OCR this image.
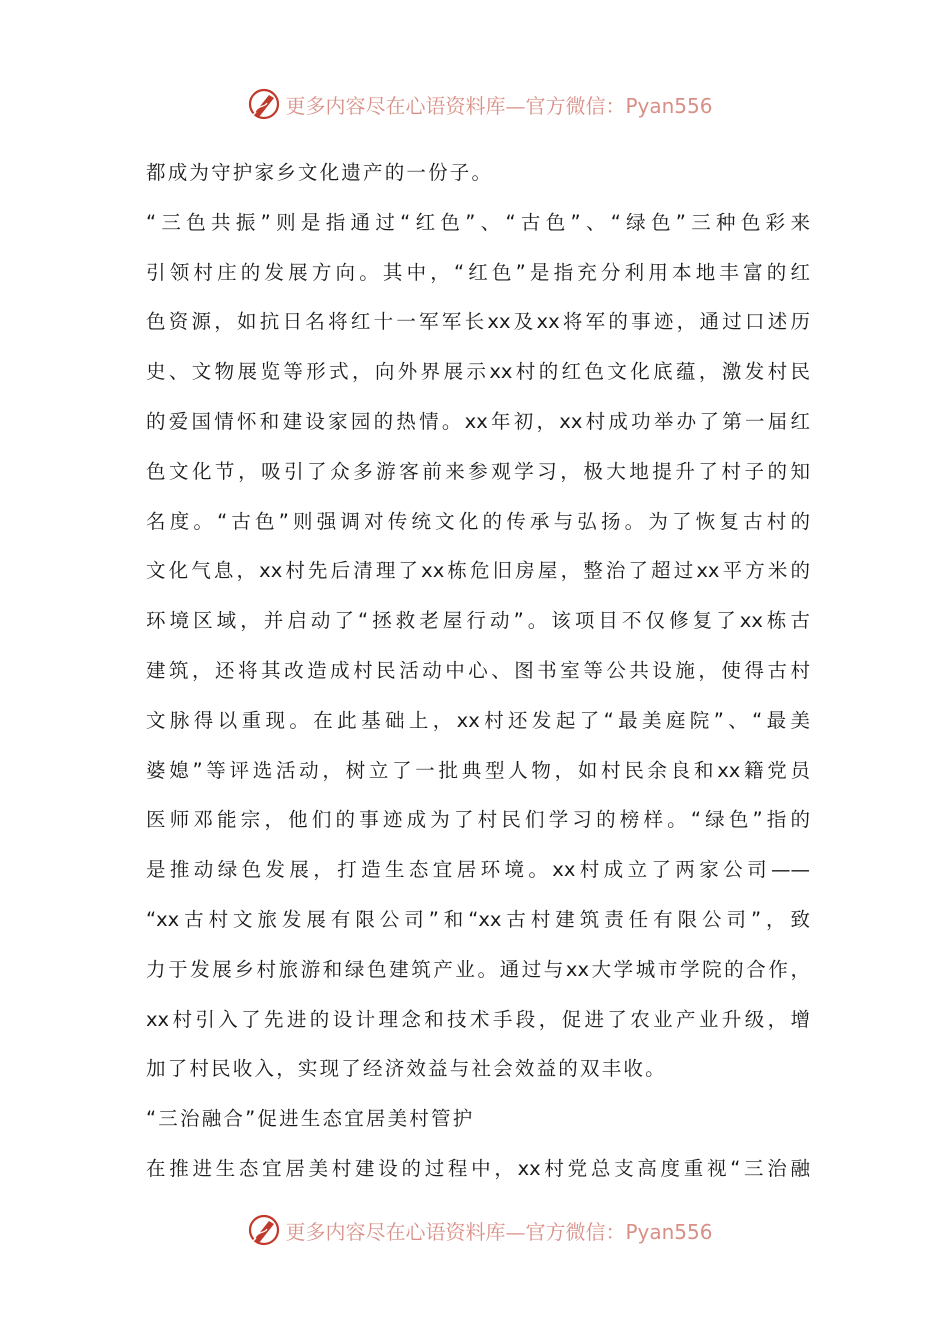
更多内容尽在心语资料库—官方微信：Pyan556
都成为守护家乡文化遗产的一份子。
“三色共振”则是指通过“红色”、“古色”、“绿色”三种色彩来
引领村庄的发展方向。其中，“红色”是指充分利用本地丰富的红
色资源，如抗日名将红十一军军长xx及xx将军的事迹，通过口述历
史、文物展览等形式，向外界展示xx村的红色文化底蕴，激发村民
的爱国情怀和建设家园的热情。xx年初，xx村成功举办了第一届红
色文化节，吸引了众多游客前来参观学习，极大地提升了村子的知
名度。“古色”则强调对传统文化的传承与弘扬。为了恢复古村的
文化气息，xx村先后清理了xx栋危旧房屋，整治了超过xx平方米的
环境区域，并启动了“拯救老屋行动”。该项目不仅修复了xx栋古
建筑，还将其改造成村民活动中心、图书室等公共设施，使得古村
文脉得以重现。在此基础上，xx村还发起了“最美庭院”、“最美
婆媳”等评选活动，树立了一批典型人物，如村民余良和xx籍党员
医师邓能宗，他们的事迹成为了村民们学习的榜样。“绿色”指的
是推动绿色发展，打造生态宜居环境。xx村成立了两家公司——
“xx古村文旅发展有限公司”和“xx古村建筑责任有限公司”，致
力于发展乡村旅游和绿色建筑产业。通过与xx大学城市学院的合作，
xx村引入了先进的设计理念和技术手段，促进了农业产业升级，增
加了村民收入，实现了经济效益与社会效益的双丰收。
“三治融合”促进生态宜居美村管护
在推进生态宜居美村建设的过程中，xx村党总支高度重视“三治融
更多内容尽在心语资料库—官方微信：Pyan556
